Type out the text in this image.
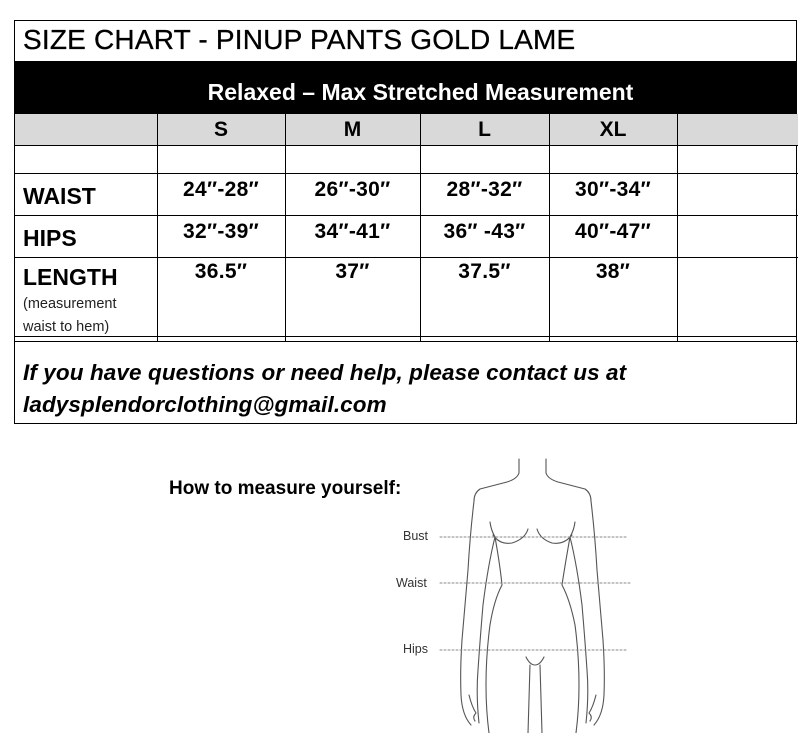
SIZE CHART - PINUP PANTS GOLD LAME
Relaxed – Max Stretched Measurement
	S	M	L	XL	

WAIST	24″-28″	26″-30″	28″-32″	30″-34″	
HIPS	32″-39″	34″-41″	36″ -43″	40″-47″	

LENGTH
(measurement
waist to hem)	36.5″	37″	37.5″	38″	
If you have questions or need help, please contact us at
ladysplendorclothing@gmail.com
How to measure yourself:
Bust
Waist
Hips
